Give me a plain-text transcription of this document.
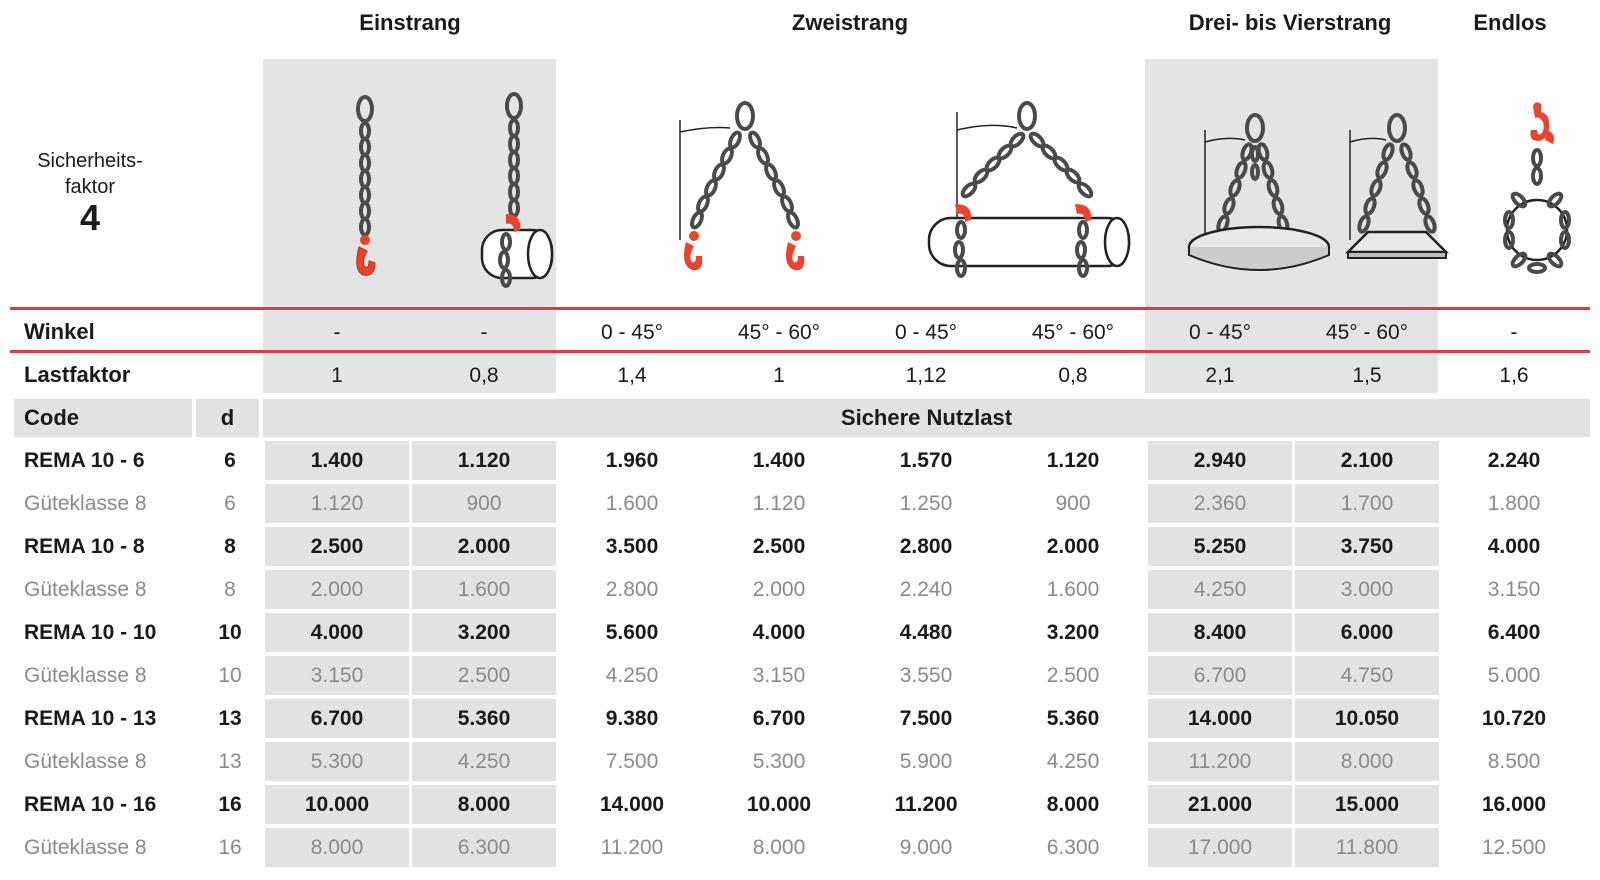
Einstrang	Zweistrang	Drei- bis Vierstrang	Endlos
Sicherheits-
faktor
4
Winkel	-	-	0 - 45°	45° - 60°	0 - 45°	45° - 60°	0 - 45°	45° - 60°	-
Lastfaktor	1	0,8	1,4	1	1,12	0,8	2,1	1,5	1,6
Code	d	Sichere Nutzlast
REMA 10 - 6	6	1.400	1.120	1.960	1.400	1.570	1.120	2.940	2.100	2.240
Güteklasse 8	6	1.120	900	1.600	1.120	1.250	900	2.360	1.700	1.800
REMA 10 - 8	8	2.500	2.000	3.500	2.500	2.800	2.000	5.250	3.750	4.000
Güteklasse 8	8	2.000	1.600	2.800	2.000	2.240	1.600	4.250	3.000	3.150
REMA 10 - 10	10	4.000	3.200	5.600	4.000	4.480	3.200	8.400	6.000	6.400
Güteklasse 8	10	3.150	2.500	4.250	3.150	3.550	2.500	6.700	4.750	5.000
REMA 10 - 13	13	6.700	5.360	9.380	6.700	7.500	5.360	14.000	10.050	10.720
Güteklasse 8	13	5.300	4.250	7.500	5.300	5.900	4.250	11.200	8.000	8.500
REMA 10 - 16	16	10.000	8.000	14.000	10.000	11.200	8.000	21.000	15.000	16.000
Güteklasse 8	16	8.000	6.300	11.200	8.000	9.000	6.300	17.000	11.800	12.500
